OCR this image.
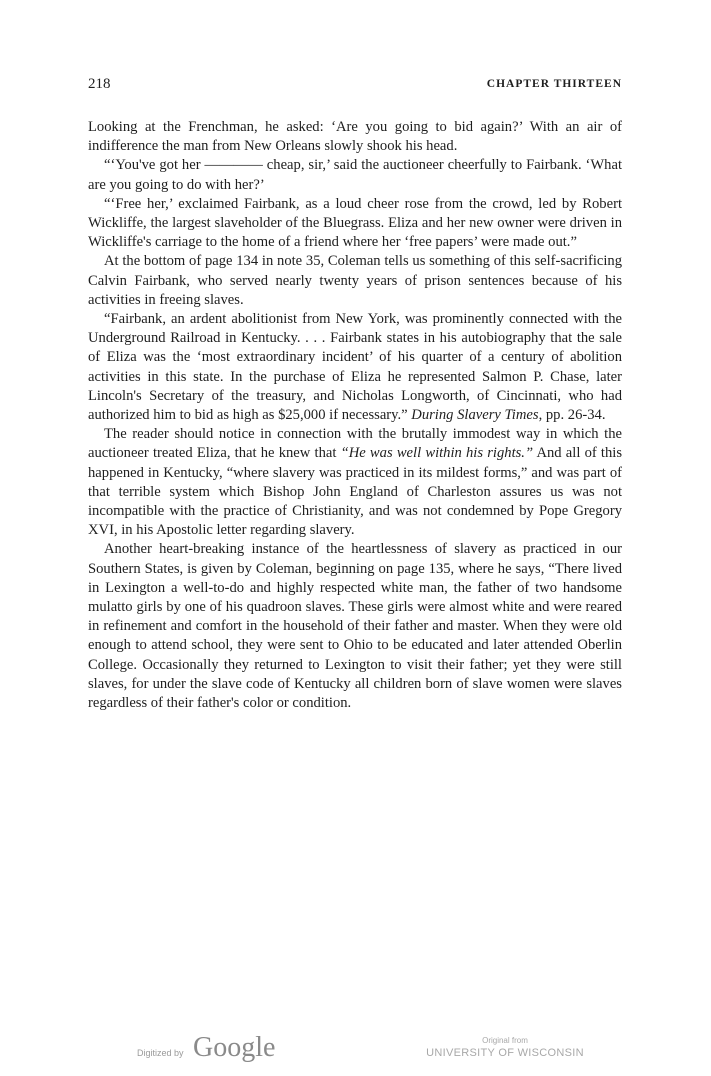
218	CHAPTER THIRTEEN

Looking at the Frenchman, he asked: ‘Are you going to bid again?’ With an air of indifference the man from New Orleans slowly shook his head.

“‘You've got her ———— cheap, sir,’ said the auctioneer cheerfully to Fairbank. ‘What are you going to do with her?’

“‘Free her,’ exclaimed Fairbank, as a loud cheer rose from the crowd, led by Robert Wickliffe, the largest slaveholder of the Bluegrass. Eliza and her new owner were driven in Wickliffe's carriage to the home of a friend where her ‘free papers’ were made out.”

At the bottom of page 134 in note 35, Coleman tells us something of this self-sacrificing Calvin Fairbank, who served nearly twenty years of prison sentences because of his activities in freeing slaves.

“Fairbank, an ardent abolitionist from New York, was prominently connected with the Underground Railroad in Kentucky. . . . Fairbank states in his autobiography that the sale of Eliza was the ‘most extraordinary incident’ of his quarter of a century of abolition activities in this state. In the purchase of Eliza he represented Salmon P. Chase, later Lincoln's Secretary of the treasury, and Nicholas Longworth, of Cincinnati, who had authorized him to bid as high as $25,000 if necessary.” During Slavery Times, pp. 26-34.

The reader should notice in connection with the brutally immodest way in which the auctioneer treated Eliza, that he knew that “He was well within his rights.” And all of this happened in Kentucky, “where slavery was practiced in its mildest forms,” and was part of that terrible system which Bishop John England of Charleston assures us was not incompatible with the practice of Christianity, and was not condemned by Pope Gregory XVI, in his Apostolic letter regarding slavery.

Another heart-breaking instance of the heartlessness of slavery as practiced in our Southern States, is given by Coleman, beginning on page 135, where he says, “There lived in Lexington a well-to-do and highly respected white man, the father of two handsome mulatto girls by one of his quadroon slaves. These girls were almost white and were reared in refinement and comfort in the household of their father and master. When they were old enough to attend school, they were sent to Ohio to be educated and later attended Oberlin College. Occasionally they returned to Lexington to visit their father; yet they were still slaves, for under the slave code of Kentucky all children born of slave women were slaves regardless of their father's color or condition.

Digitized by Google	Original from
UNIVERSITY OF WISCONSIN
